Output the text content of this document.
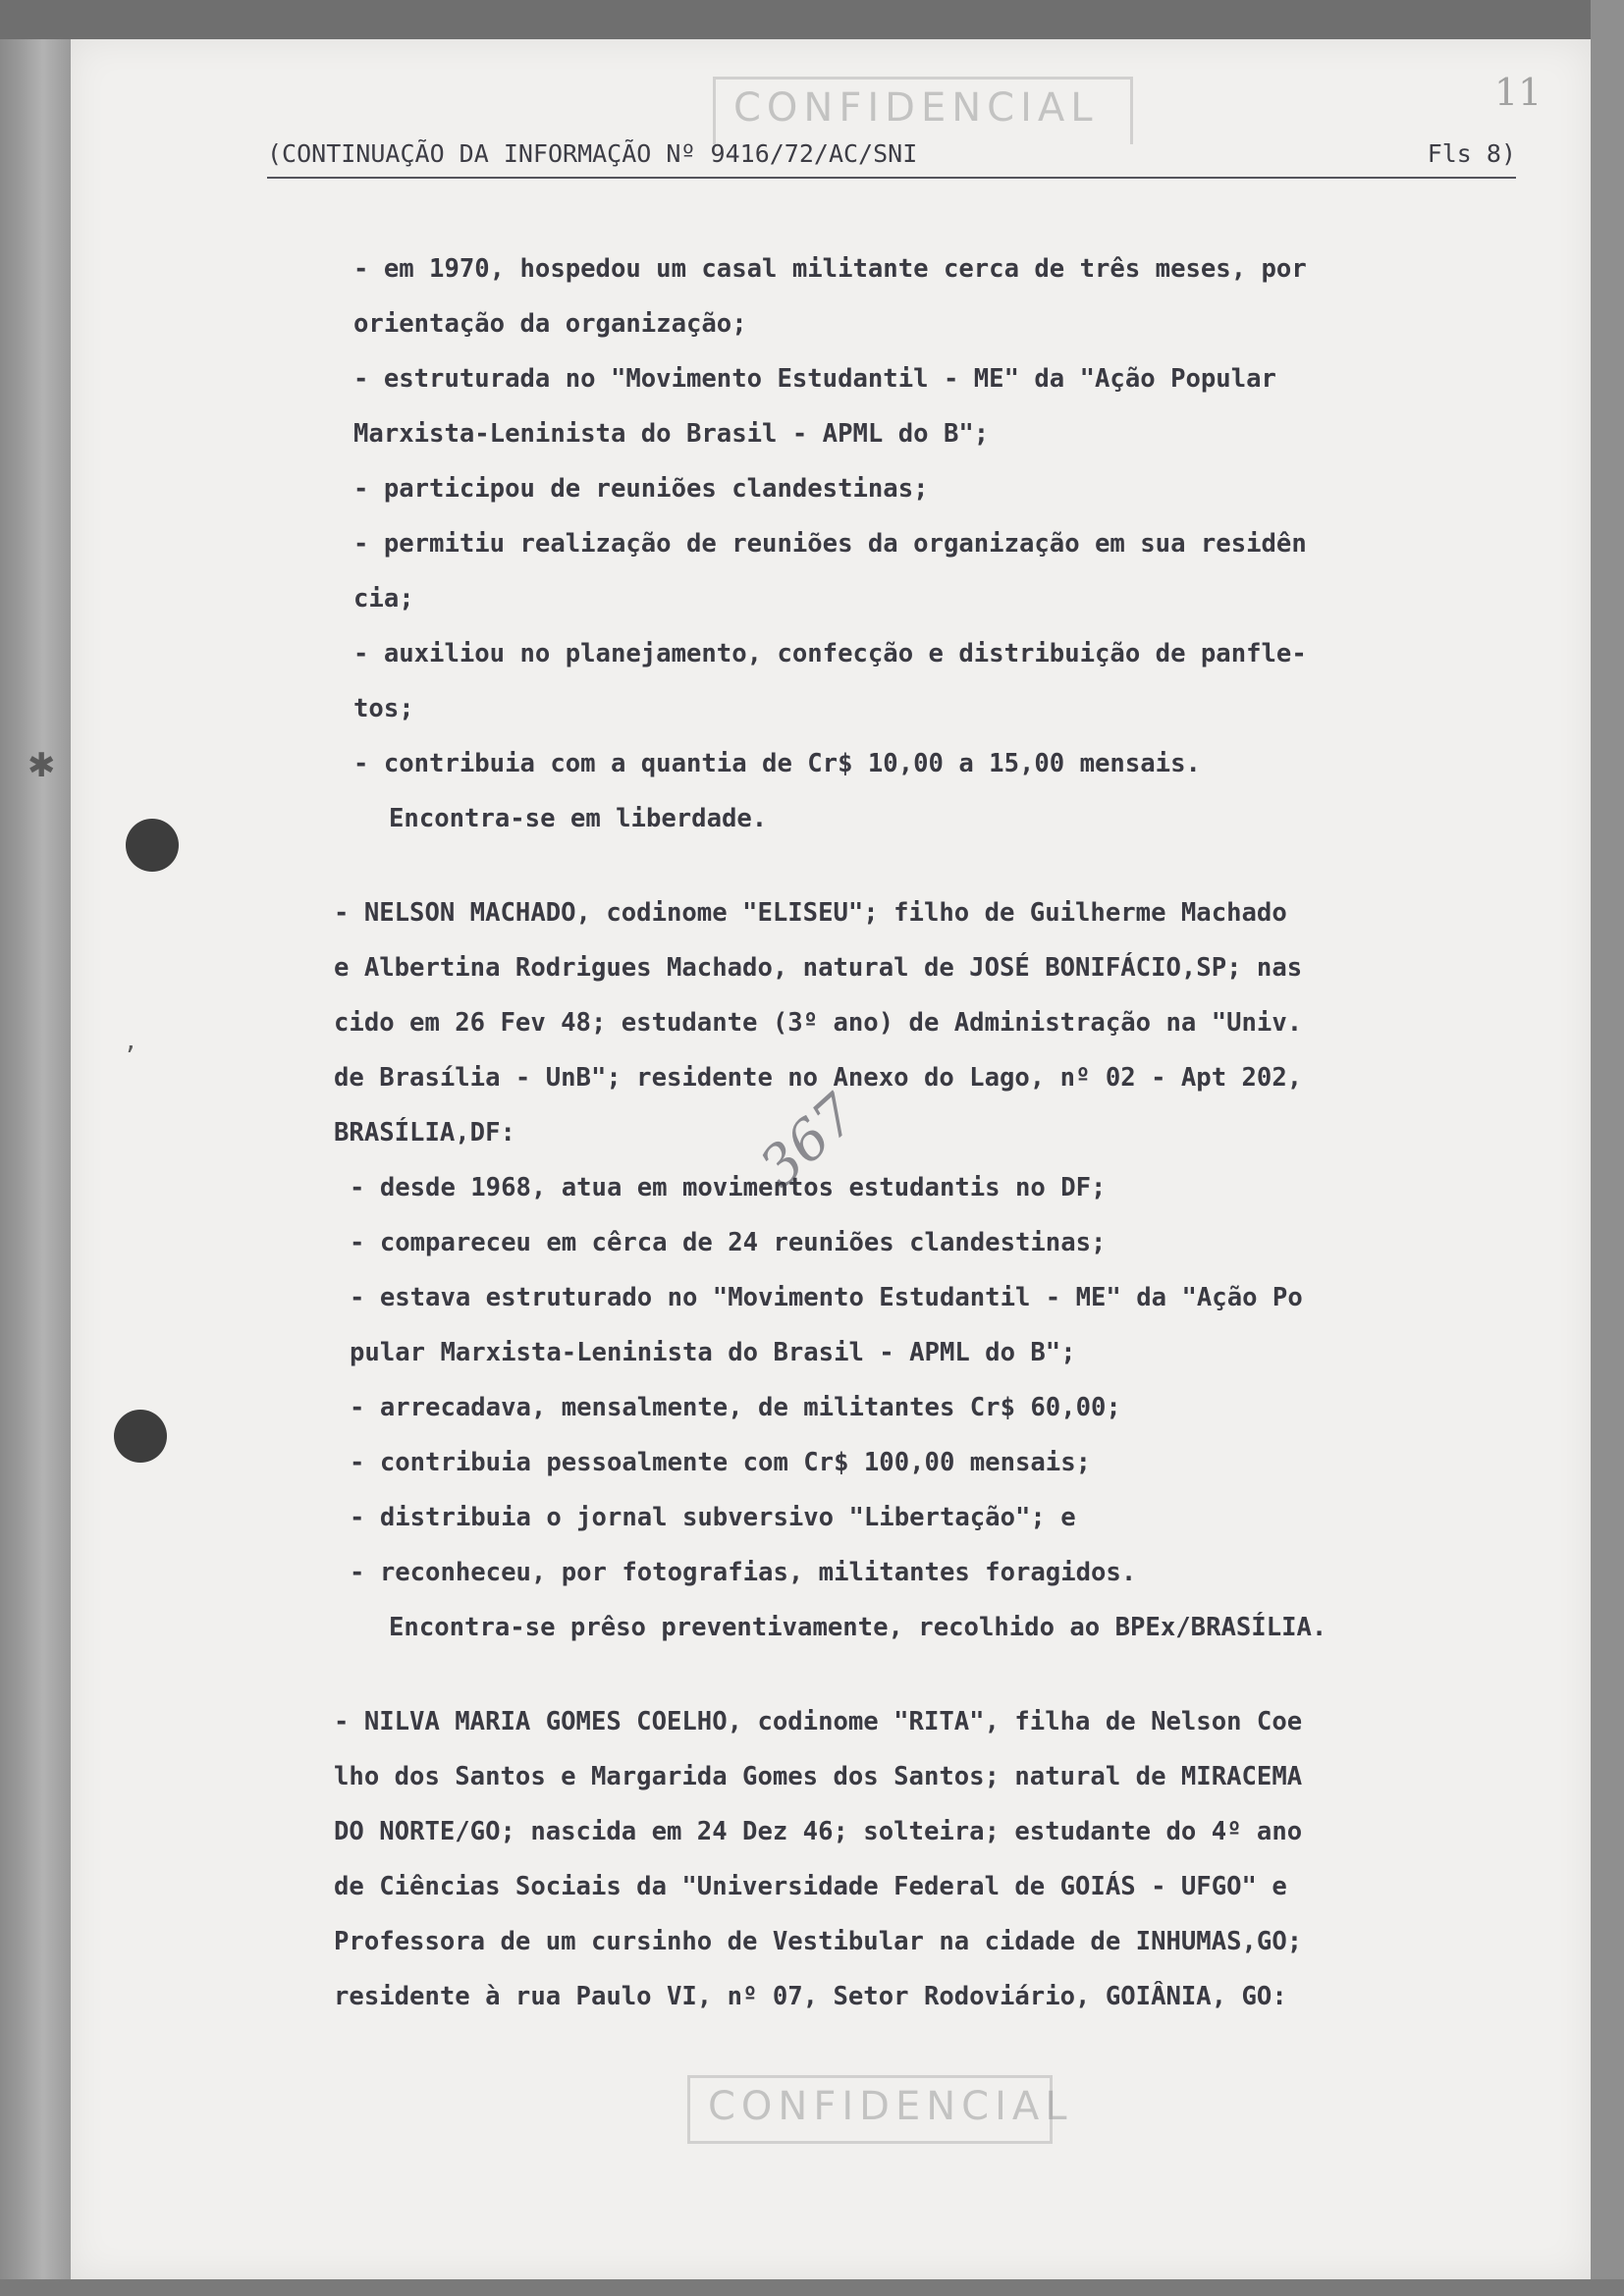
CONFIDENCIAL	11
(CONTINUAÇÃO DA INFORMAÇÃO Nº 9416/72/AC/SNI	Fls 8)
✱
ʼ
367
- em 1970, hospedou um casal militante cerca de três meses, por
orientação da organização;
- estruturada no "Movimento Estudantil - ME" da "Ação Popular
Marxista-Leninista do Brasil - APML do B";
- participou de reuniões clandestinas;
- permitiu realização de reuniões da organização em sua residên
cia;
- auxiliou no planejamento, confecção e distribuição de panfle-
tos;
- contribuia com a quantia de Cr$ 10,00 a 15,00 mensais.
Encontra-se em liberdade.
- NELSON MACHADO, codinome "ELISEU"; filho de Guilherme Machado
e Albertina Rodrigues Machado, natural de JOSÉ BONIFÁCIO,SP; nas
cido em 26 Fev 48; estudante (3º ano) de Administração na "Univ.
de Brasília - UnB"; residente no Anexo do Lago, nº 02 - Apt 202,
BRASÍLIA,DF:
- desde 1968, atua em movimentos estudantis no DF;
- compareceu em cêrca de 24 reuniões clandestinas;
- estava estruturado no "Movimento Estudantil - ME" da "Ação Po
pular Marxista-Leninista do Brasil - APML do B";
- arrecadava, mensalmente, de militantes Cr$ 60,00;
- contribuia pessoalmente com Cr$ 100,00 mensais;
- distribuia o jornal subversivo "Libertação"; e
- reconheceu, por fotografias, militantes foragidos.
Encontra-se prêso preventivamente, recolhido ao BPEx/BRASÍLIA.
- NILVA MARIA GOMES COELHO, codinome "RITA", filha de Nelson Coe
lho dos Santos e Margarida Gomes dos Santos; natural de MIRACEMA
DO NORTE/GO; nascida em 24 Dez 46; solteira; estudante do 4º ano
de Ciências Sociais da "Universidade Federal de GOIÁS - UFGO" e
Professora de um cursinho de Vestibular na cidade de INHUMAS,GO;
residente à rua Paulo VI, nº 07, Setor Rodoviário, GOIÂNIA, GO:
CONFIDENCIAL
